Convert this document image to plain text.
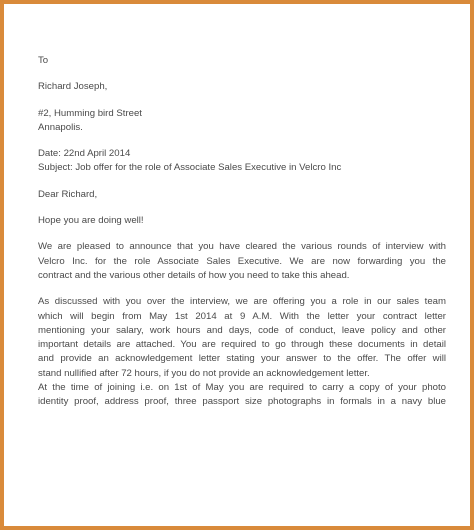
To
Richard Joseph,
#2, Humming bird Street
Annapolis.
Date: 22nd April 2014
Subject: Job offer for the role of Associate Sales Executive in Velcro Inc
Dear Richard,
Hope you are doing well!
We are pleased to announce that you have cleared the various rounds of interview with
Velcro Inc. for the role Associate Sales Executive. We are now forwarding you the
contract and the various other details of how you need to take this ahead.
As discussed with you over the interview, we are offering you a role in our sales team
which will begin from May 1st 2014 at 9 A.M. With the letter your contract letter
mentioning your salary, work hours and days, code of conduct, leave policy and other
important details are attached. You are required to go through these documents in detail
and provide an acknowledgement letter stating your answer to the offer. The offer will
stand nullified after 72 hours, if you do not provide an acknowledgement letter.
At the time of joining i.e. on 1st of May you are required to carry a copy of your photo
identity proof, address proof, three passport size photographs in formals in a navy blue
